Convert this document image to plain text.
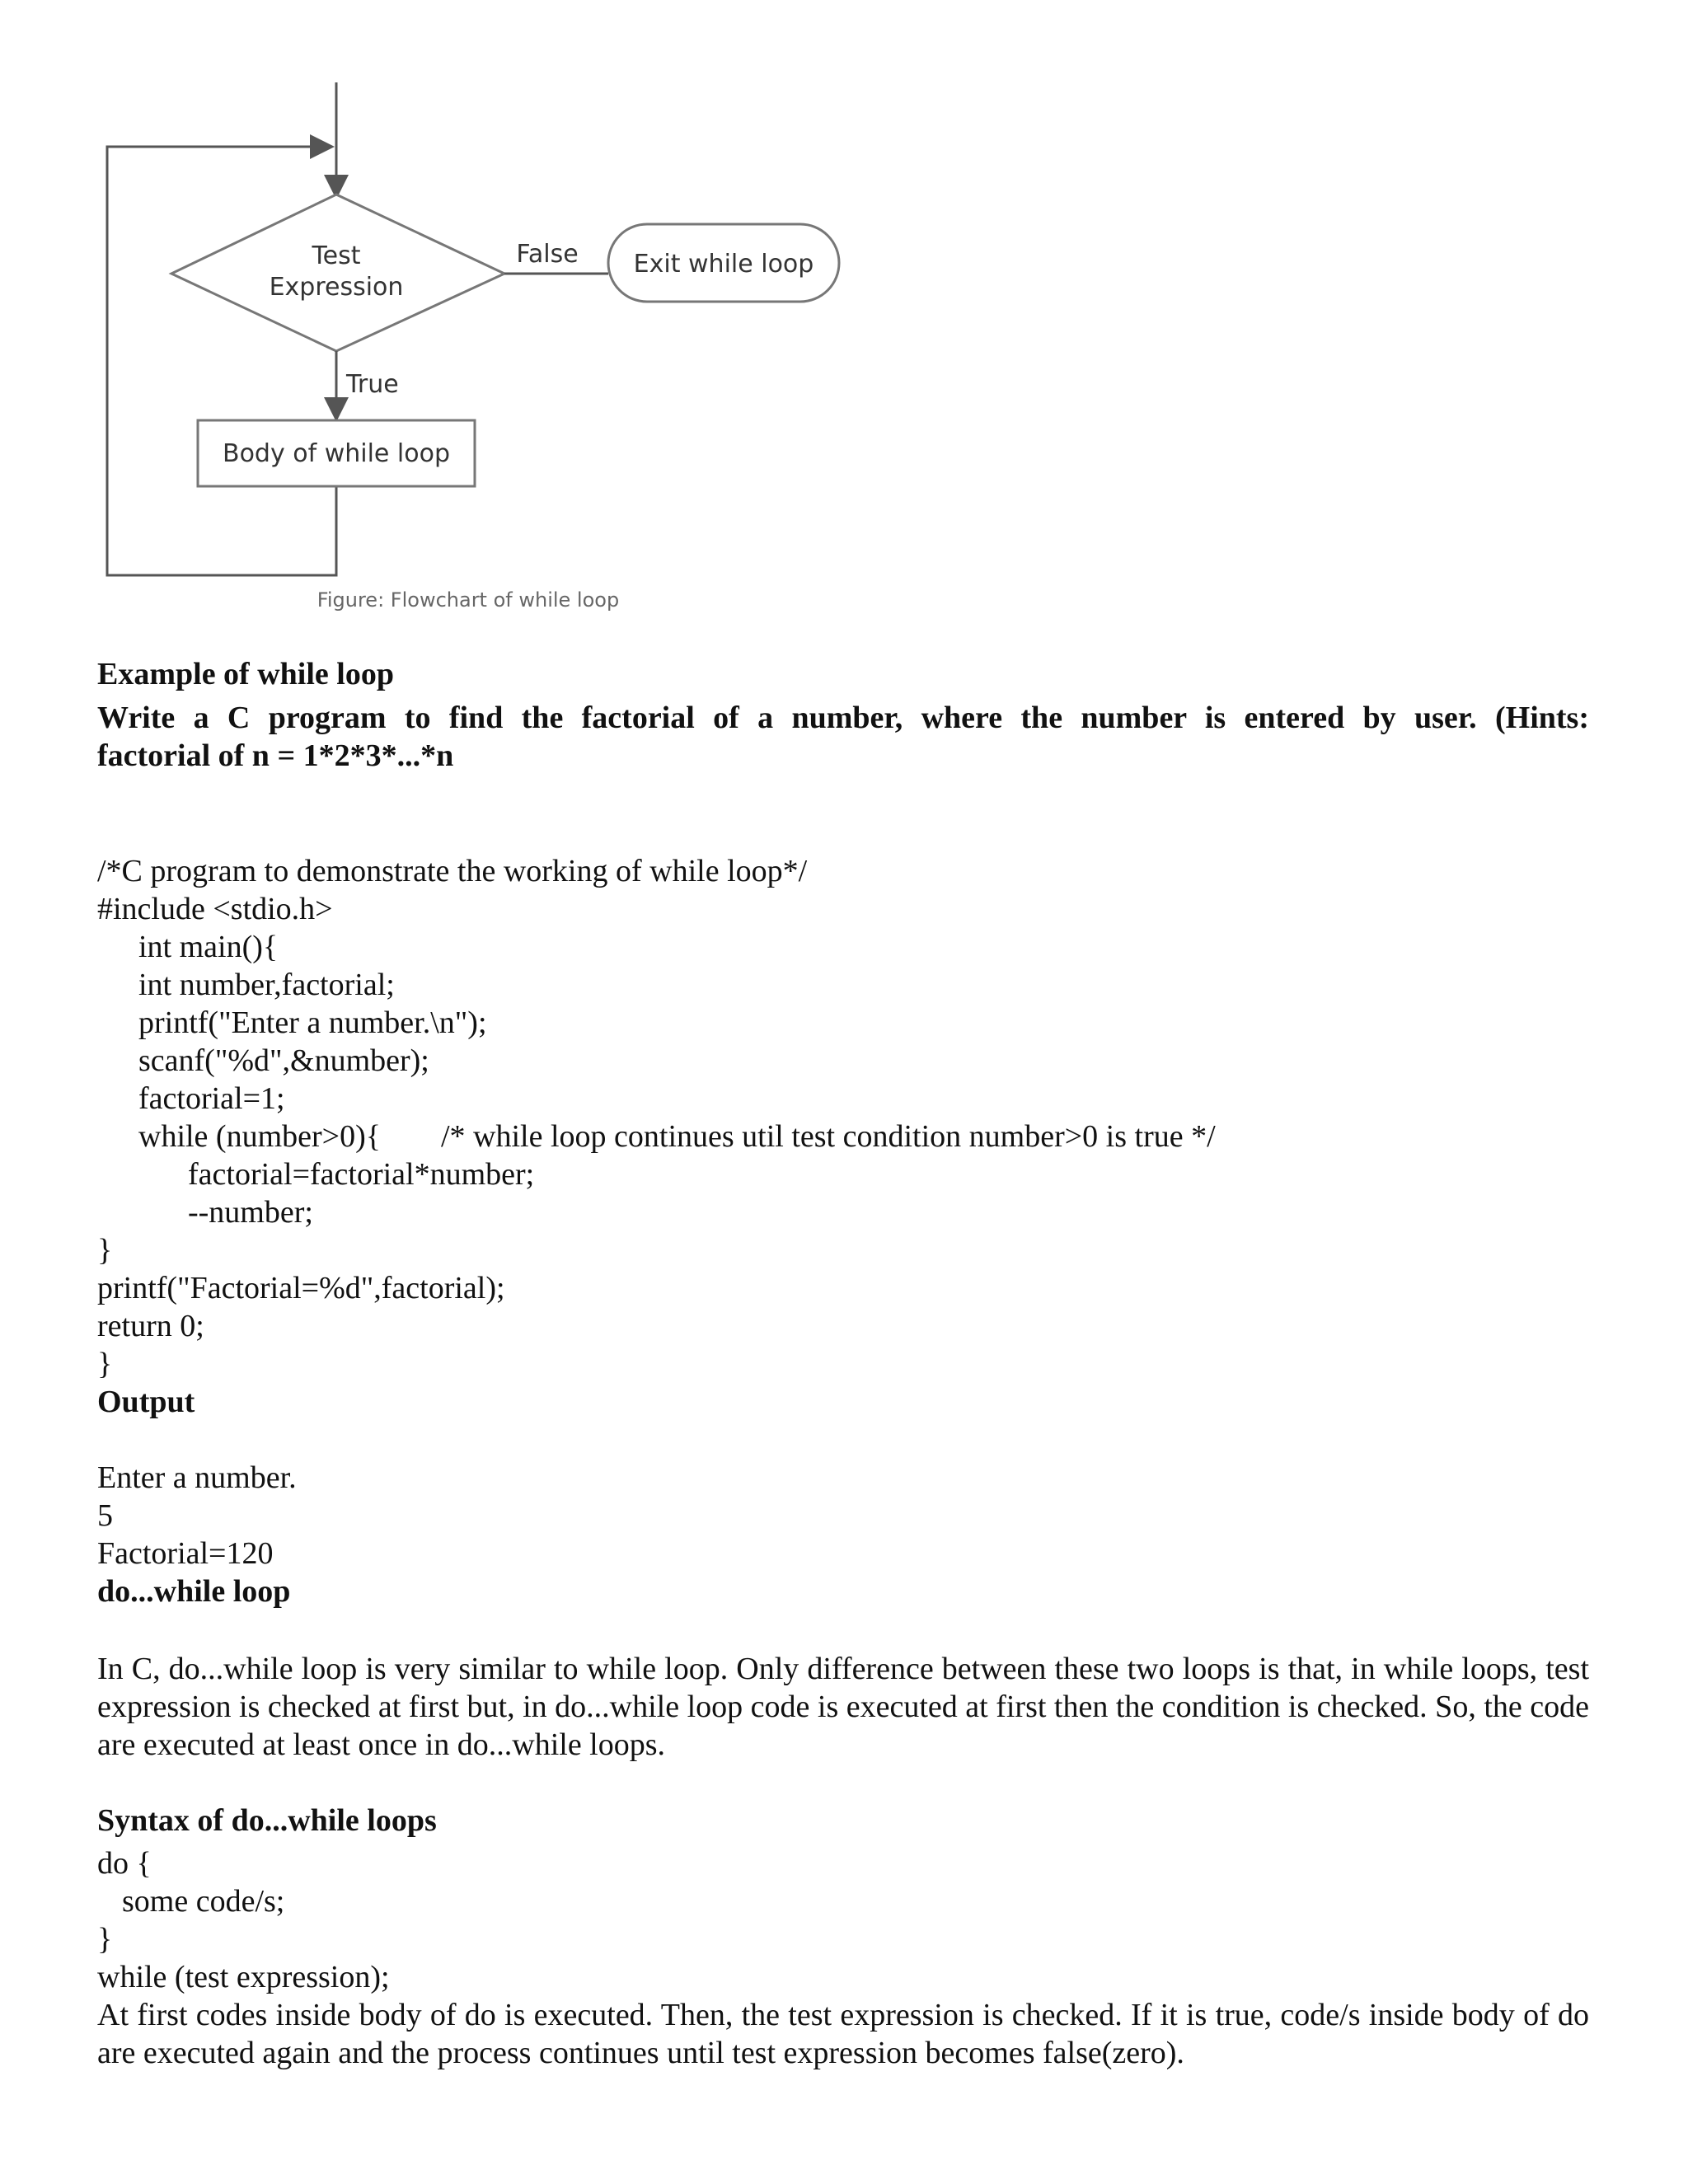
Test
Expression
False Exit while loop
True
Body of while loop
Figure: Flowchart of while loop
Example of while loop
Write a C program to find the factorial of a number, where the number is entered by user. (Hints:
factorial of n = 1*2*3*...*n
/*C program to demonstrate the working of while loop*/
#include <stdio.h>
int main(){
int number,factorial;
printf("Enter a number.\n");
scanf("%d",&number);
factorial=1;
while (number>0){ /* while loop continues util test condition number>0 is true */
factorial=factorial*number;
--number;
}
printf("Factorial=%d",factorial);
return 0;
}
Output
Enter a number.
5
Factorial=120
do...while loop
In C, do...while loop is very similar to while loop. Only difference between these two loops is that, in while loops, test expression is checked at first but, in do...while loop code is executed at first then the condition is checked. So, the code are executed at least once in do...while loops.
Syntax of do...while loops
do {
some code/s;
}
while (test expression);
At first codes inside body of do is executed. Then, the test expression is checked. If it is true, code/s inside body of do are executed again and the process continues until test expression becomes false(zero).
